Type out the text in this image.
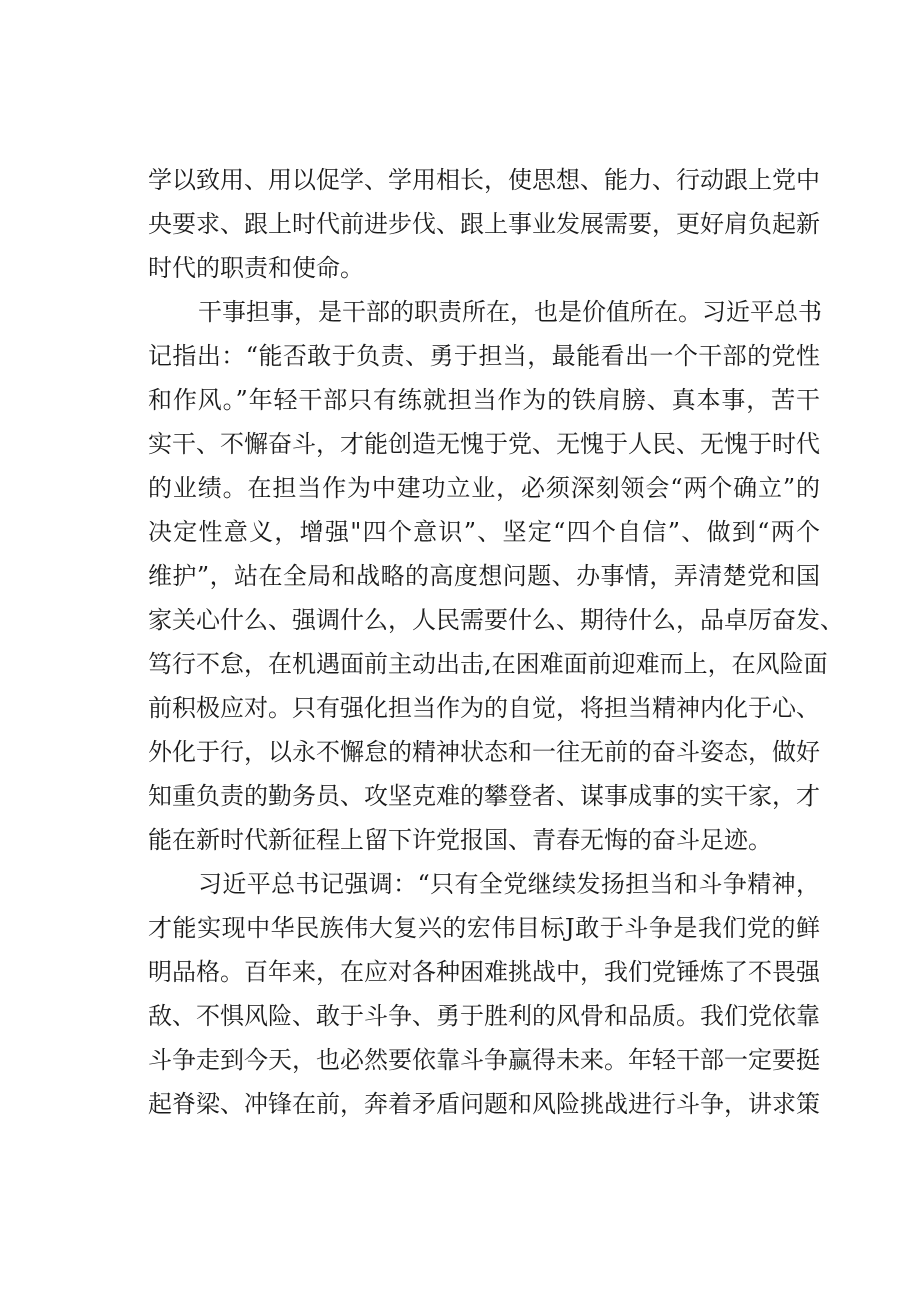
学以致用、用以促学、学用相长，使思想、能力、行动跟上党中
央要求、跟上时代前进步伐、跟上事业发展需要，更好肩负起新
时代的职责和使命。
干事担事，是干部的职责所在，也是价值所在。习近平总书
记指出：“能否敢于负责、勇于担当，最能看出一个干部的党性
和作风。”年轻干部只有练就担当作为的铁肩膀、真本事，苦干
实干、不懈奋斗，才能创造无愧于党、无愧于人民、无愧于时代
的业绩。在担当作为中建功立业，必须深刻领会“两个确立”的
决定性意义，增强"四个意识”、坚定“四个自信”、做到“两个
维护”，站在全局和战略的高度想问题、办事情，弄清楚党和国
家关心什么、强调什么，人民需要什么、期待什么，品卓厉奋发、
笃行不怠，在机遇面前主动出击,在困难面前迎难而上，在风险面
前积极应对。只有强化担当作为的自觉，将担当精神内化于心、
外化于行，以永不懈怠的精神状态和一往无前的奋斗姿态，做好
知重负责的勤务员、攻坚克难的攀登者、谋事成事的实干家，才
能在新时代新征程上留下许党报国、青春无悔的奋斗足迹。
习近平总书记强调：“只有全党继续发扬担当和斗争精神，
才能实现中华民族伟大复兴的宏伟目标J敢于斗争是我们党的鲜
明品格。百年来，在应对各种困难挑战中，我们党锤炼了不畏强
敌、不惧风险、敢于斗争、勇于胜利的风骨和品质。我们党依靠
斗争走到今天，也必然要依靠斗争赢得未来。年轻干部一定要挺
起脊梁、冲锋在前，奔着矛盾问题和风险挑战进行斗争，讲求策
